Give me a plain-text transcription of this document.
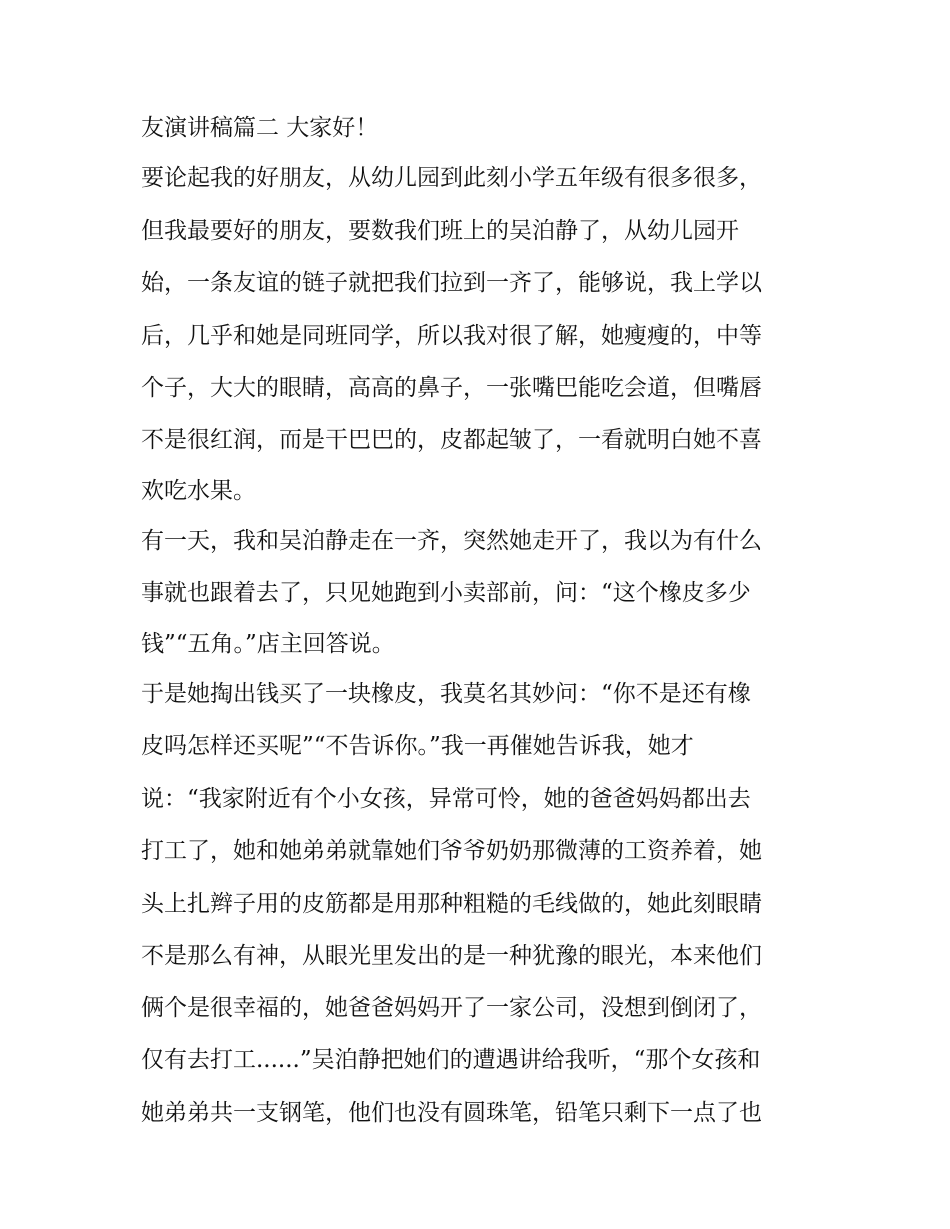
友演讲稿篇二 大家好！
要论起我的好朋友，从幼儿园到此刻小学五年级有很多很多，
但我最要好的朋友，要数我们班上的吴泊静了，从幼儿园开
始，一条友谊的链子就把我们拉到一齐了，能够说，我上学以
后，几乎和她是同班同学，所以我对很了解，她瘦瘦的，中等
个子，大大的眼睛，高高的鼻子，一张嘴巴能吃会道，但嘴唇
不是很红润，而是干巴巴的，皮都起皱了，一看就明白她不喜
欢吃水果。
有一天，我和吴泊静走在一齐，突然她走开了，我以为有什么
事就也跟着去了，只见她跑到小卖部前，问：“这个橡皮多少
钱”“五角。”店主回答说。
于是她掏出钱买了一块橡皮，我莫名其妙问：“你不是还有橡
皮吗怎样还买呢”“不告诉你。”我一再催她告诉我，她才
说：“我家附近有个小女孩，异常可怜，她的爸爸妈妈都出去
打工了，她和她弟弟就靠她们爷爷奶奶那微薄的工资养着，她
头上扎辫子用的皮筋都是用那种粗糙的毛线做的，她此刻眼睛
不是那么有神，从眼光里发出的是一种犹豫的眼光，本来他们
俩个是很幸福的，她爸爸妈妈开了一家公司，没想到倒闭了，
仅有去打工......”吴泊静把她们的遭遇讲给我听，“那个女孩和
她弟弟共一支钢笔，他们也没有圆珠笔，铅笔只剩下一点了也
